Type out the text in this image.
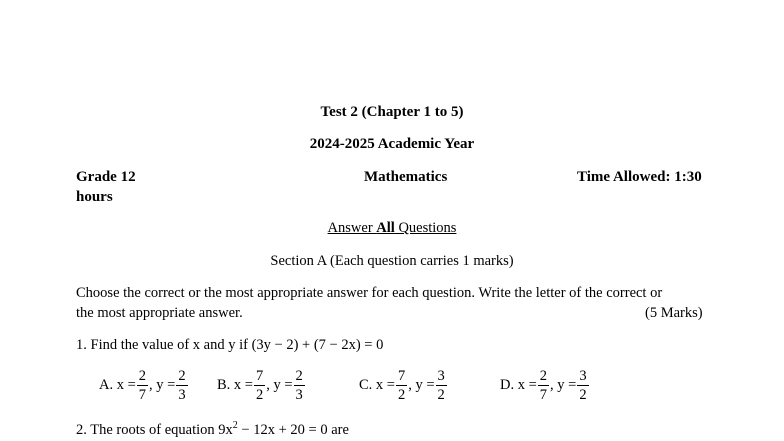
Test 2 (Chapter 1 to 5)
2024-2025 Academic Year
Grade 12	Mathematics	Time Allowed: 1:30
hours
Answer All Questions
Section A (Each question carries 1 marks)
Choose the correct or the most appropriate answer for each question. Write the letter of the correct or
the most appropriate answer.	(5 Marks)
1. Find the value of x and y if (3y − 2) + (7 − 2x) = 0
A. $x = \frac{2}{7}$ , $y = \frac{2}{3} B$. $x = \frac{7}{2}$ , $y = \frac{2}{3}$	C. $x = \frac{7}{2}$ , $y = \frac{3}{2}$	D. $x = \frac{2}{7}$ , $y = \frac{3}{2}$
2. The roots of equation $9x^2 - 12x + 20 = 0$ are
